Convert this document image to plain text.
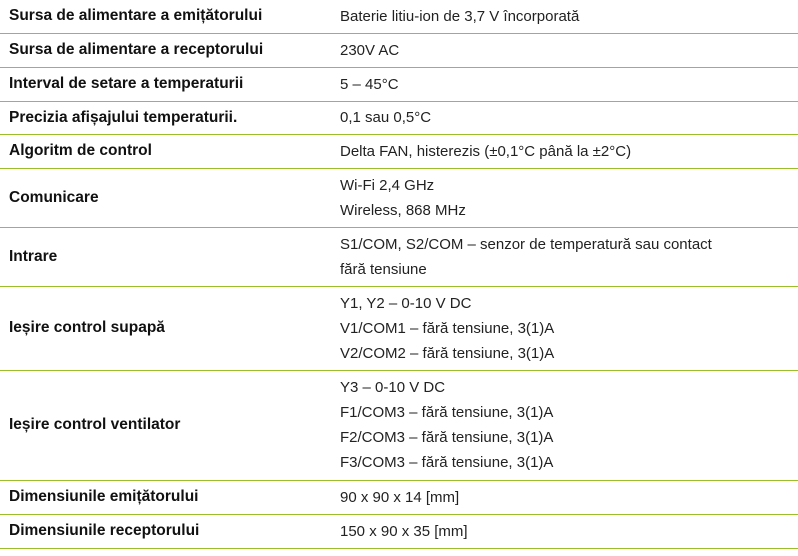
Sursa de alimentare a emițătorului	Baterie litiu-ion de 3,7 V încorporată

Sursa de alimentare a receptorului	230V AC

Interval de setare a temperaturii	5 – 45°C

Precizia afișajului temperaturii.	0,1 sau 0,5°C

Algoritm de control	Delta FAN, histerezis (±0,1°C până la ±2°C)

Comunicare	Wi-Fi 2,4 GHz
Wireless, 868 MHz

Intrare	S1/COM, S2/COM – senzor de temperatură sau contact
fără tensiune

Ieșire control supapă	Y1, Y2 – 0-10 V DC
V1/COM1 – fără tensiune, 3(1)A
V2/COM2 – fără tensiune, 3(1)A

Ieșire control ventilator	Y3 – 0-10 V DC
F1/COM3 – fără tensiune, 3(1)A
F2/COM3 – fără tensiune, 3(1)A
F3/COM3 – fără tensiune, 3(1)A

Dimensiunile emițătorului	90 x 90 x 14 [mm]

Dimensiunile receptorului	150 x 90 x 35 [mm]
